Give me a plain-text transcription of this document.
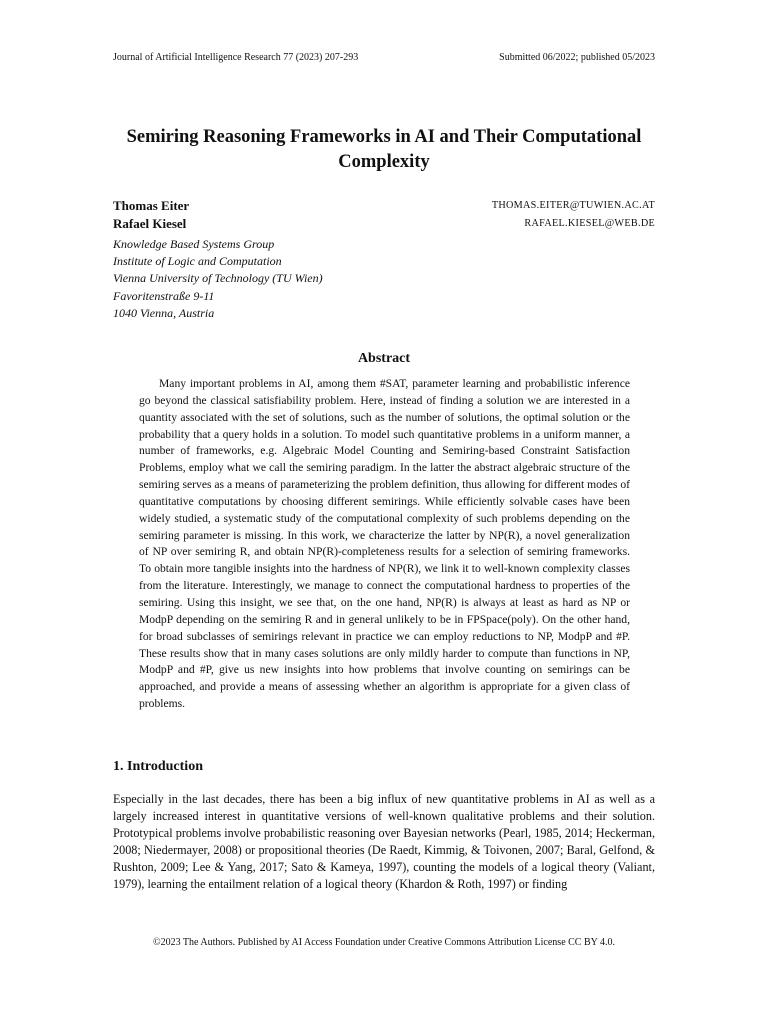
Journal of Artificial Intelligence Research 77 (2023) 207-293	Submitted 06/2022; published 05/2023
Semiring Reasoning Frameworks in AI and Their Computational Complexity
Thomas Eiter	THOMAS.EITER@TUWIEN.AC.AT
Rafael Kiesel	RAFAEL.KIESEL@WEB.DE
Knowledge Based Systems Group
Institute of Logic and Computation
Vienna University of Technology (TU Wien)
Favoritenstraße 9-11
1040 Vienna, Austria
Abstract

Many important problems in AI, among them #SAT, parameter learning and probabilistic inference go beyond the classical satisfiability problem. Here, instead of finding a solution we are interested in a quantity associated with the set of solutions, such as the number of solutions, the optimal solution or the probability that a query holds in a solution. To model such quantitative problems in a uniform manner, a number of frameworks, e.g. Algebraic Model Counting and Semiring-based Constraint Satisfaction Problems, employ what we call the semiring paradigm. In the latter the abstract algebraic structure of the semiring serves as a means of parameterizing the problem definition, thus allowing for different modes of quantitative computations by choosing different semirings. While efficiently solvable cases have been widely studied, a systematic study of the computational complexity of such problems depending on the semiring parameter is missing. In this work, we characterize the latter by NP(R), a novel generalization of NP over semiring R, and obtain NP(R)-completeness results for a selection of semiring frameworks. To obtain more tangible insights into the hardness of NP(R), we link it to well-known complexity classes from the literature. Interestingly, we manage to connect the computational hardness to properties of the semiring. Using this insight, we see that, on the one hand, NP(R) is always at least as hard as NP or ModpP depending on the semiring R and in general unlikely to be in FPSpace(poly). On the other hand, for broad subclasses of semirings relevant in practice we can employ reductions to NP, ModpP and #P. These results show that in many cases solutions are only mildly harder to compute than functions in NP, ModpP and #P, give us new insights into how problems that involve counting on semirings can be approached, and provide a means of assessing whether an algorithm is appropriate for a given class of problems.

1. Introduction

Especially in the last decades, there has been a big influx of new quantitative problems in AI as well as a largely increased interest in quantitative versions of well-known qualitative problems and their solution. Prototypical problems involve probabilistic reasoning over Bayesian networks (Pearl, 1985, 2014; Heckerman, 2008; Niedermayer, 2008) or propositional theories (De Raedt, Kimmig, & Toivonen, 2007; Baral, Gelfond, & Rushton, 2009; Lee & Yang, 2017; Sato & Kameya, 1997), counting the models of a logical theory (Valiant, 1979), learning the entailment relation of a logical theory (Khardon & Roth, 1997) or finding

©2023 The Authors. Published by AI Access Foundation under Creative Commons Attribution License CC BY 4.0.
